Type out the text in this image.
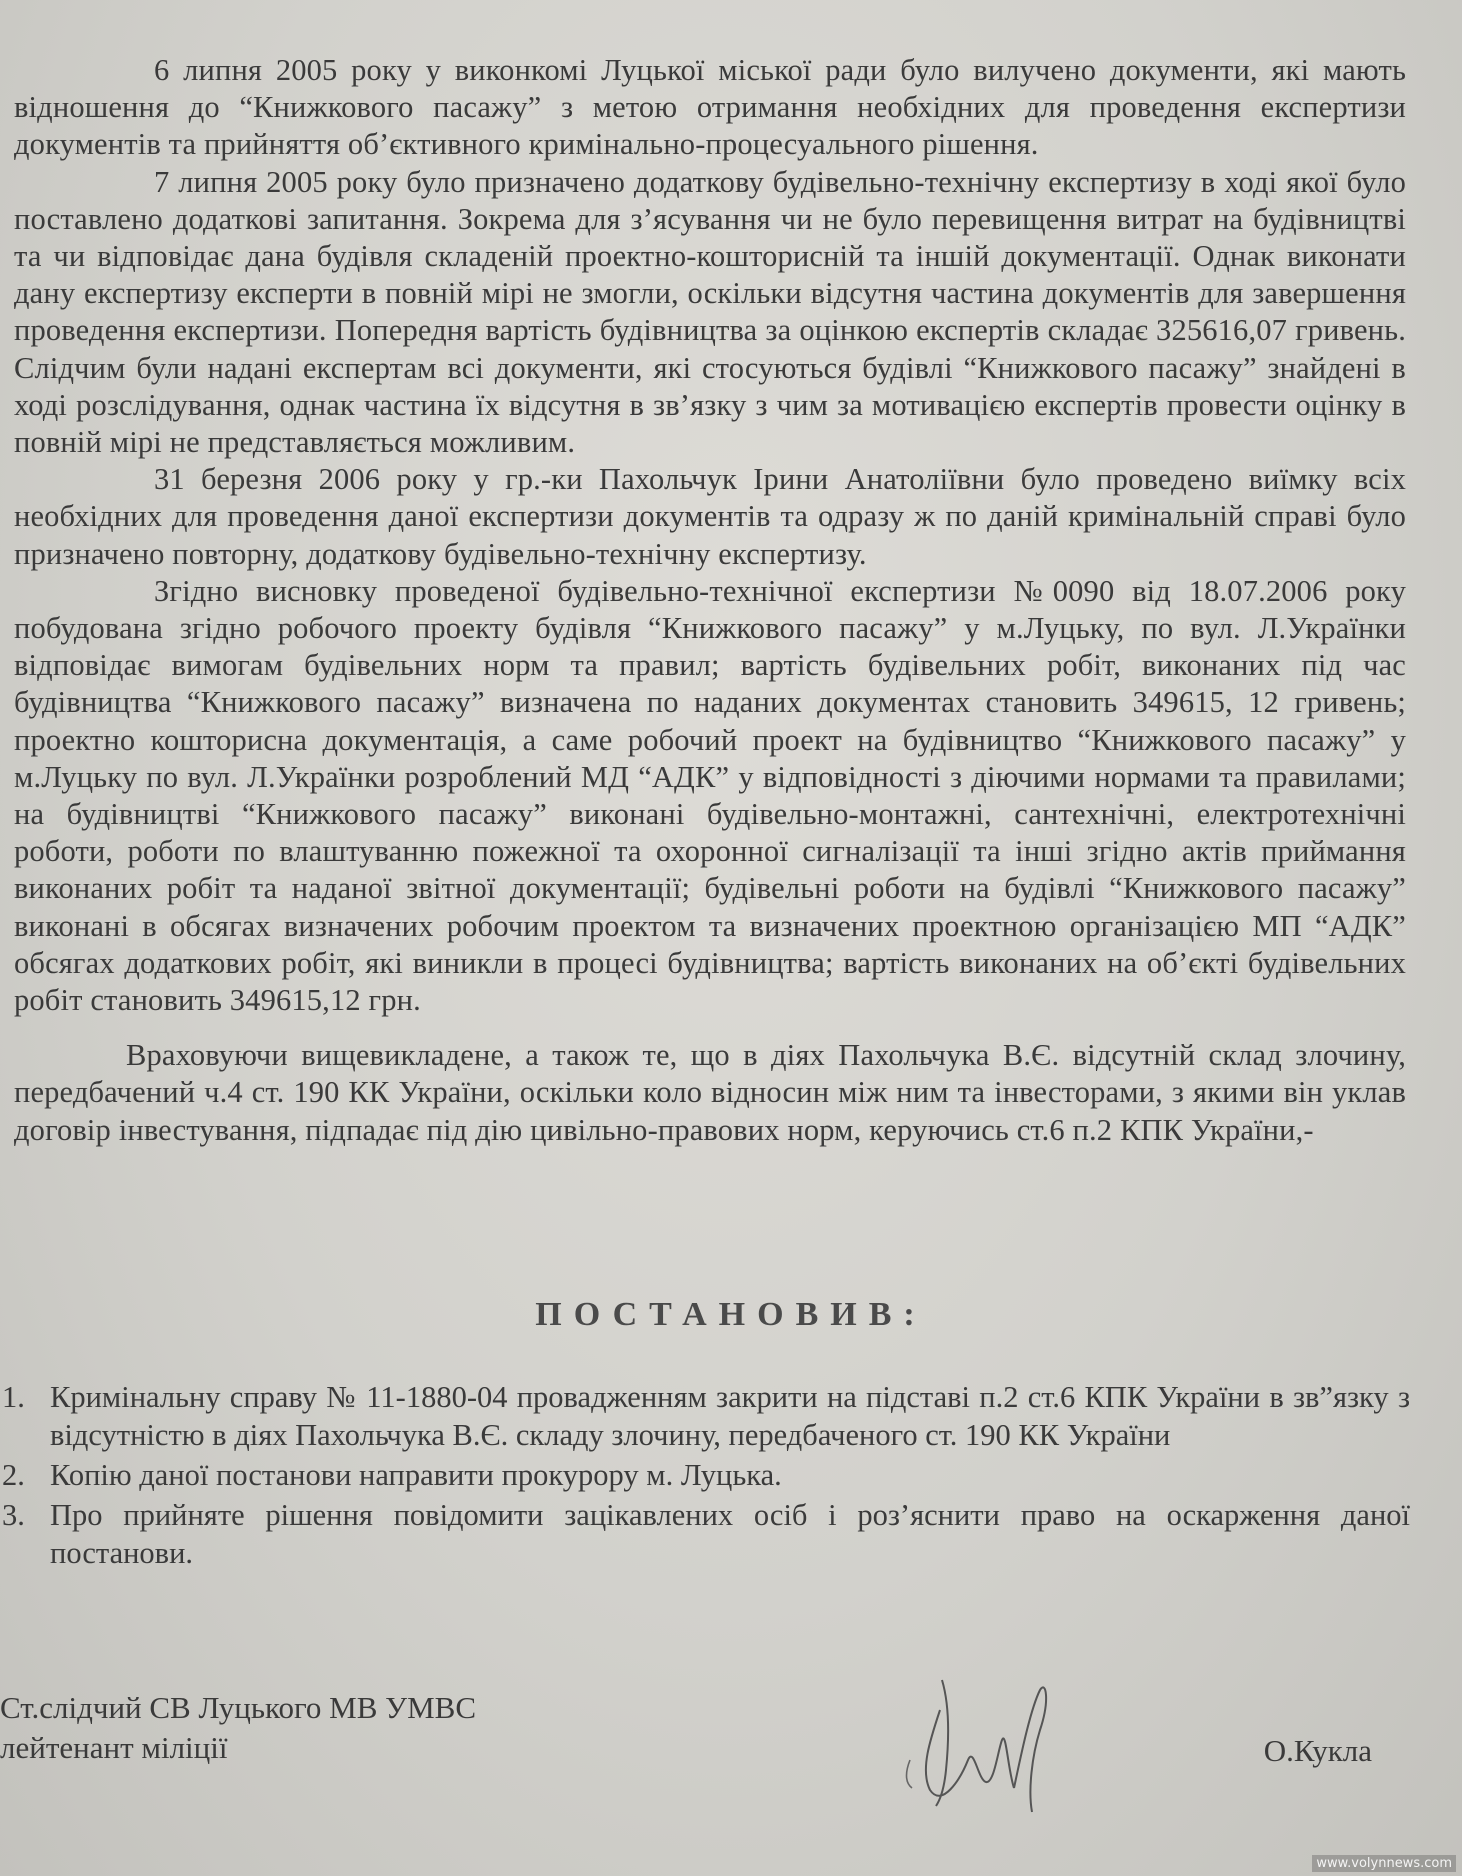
6 липня 2005 року у виконкомі Луцької міської ради було вилучено документи, які мають відношення до “Книжкового пасажу” з метою отримання необхідних для проведення експертизи документів та прийняття об’єктивного кримінально-процесуального рішення.

7 липня 2005 року було призначено додаткову будівельно-технічну експертизу в ході якої було поставлено додаткові запитання. Зокрема для з’ясування чи не було перевищення витрат на будівництві та чи відповідає дана будівля складеній проектно-кошторисній та іншій документації. Однак виконати дану експертизу експерти в повній мірі не змогли, оскільки відсутня частина документів для завершення проведення експертизи. Попередня вартість будівництва за оцінкою експертів складає 325616,07 гривень. Слідчим були надані експертам всі документи, які стосуються будівлі “Книжкового пасажу” знайдені в ході розслідування, однак частина їх відсутня в зв’язку з чим за мотивацією експертів провести оцінку в повній мірі не представляється можливим.

31 березня 2006 року у гр.-ки Пахольчук Ірини Анатоліївни було проведено виїмку всіх необхідних для проведення даної експертизи документів та одразу ж по даній кримінальній справі було призначено повторну, додаткову будівельно-технічну експертизу.

Згідно висновку проведеної будівельно-технічної експертизи №0090 від 18.07.2006 року побудована згідно робочого проекту будівля “Книжкового пасажу” у м.Луцьку, по вул. Л.Українки відповідає вимогам будівельних норм та правил; вартість будівельних робіт, виконаних під час будівництва “Книжкового пасажу” визначена по наданих документах становить 349615, 12 гривень; проектно кошторисна документація, а саме робочий проект на будівництво “Книжкового пасажу” у м.Луцьку по вул. Л.Українки розроблений МД “АДК” у відповідності з діючими нормами та правилами; на будівництві “Книжкового пасажу” виконані будівельно-монтажні, сантехнічні, електротехнічні роботи, роботи по влаштуванню пожежної та охоронної сигналізації та інші згідно актів приймання виконаних робіт та наданої звітної документації; будівельні роботи на будівлі “Книжкового пасажу” виконані в обсягах визначених робочим проектом та визначених проектною організацією МП “АДК” обсягах додаткових робіт, які виникли в процесі будівництва; вартість виконаних на об’єкті будівельних робіт становить 349615,12 грн.

Враховуючи вищевикладене, а також те, що в діях Пахольчука В.Є. відсутній склад злочину, передбачений ч.4 ст. 190 КК України, оскільки коло відносин між ним та інвесторами, з якими він уклав договір інвестування, підпадає під дію цивільно-правових норм, керуючись ст.6 п.2 КПК України,-

ПОСТАНОВИВ:
1. Кримінальну справу № 11-1880-04 провадженням закрити на підставі п.2 ст.6 КПК України в зв”язку з відсутністю в діях Пахольчука В.Є. складу злочину, передбаченого ст. 190 КК України
2. Копію даної постанови направити прокурору м. Луцька.
3. Про прийняте рішення повідомити зацікавлених осіб і роз’яснити право на оскарження даної постанови.
Ст.слідчий СВ Луцького МВ УМВС
лейтенант міліції	О.Кукла
www.volynnews.com
